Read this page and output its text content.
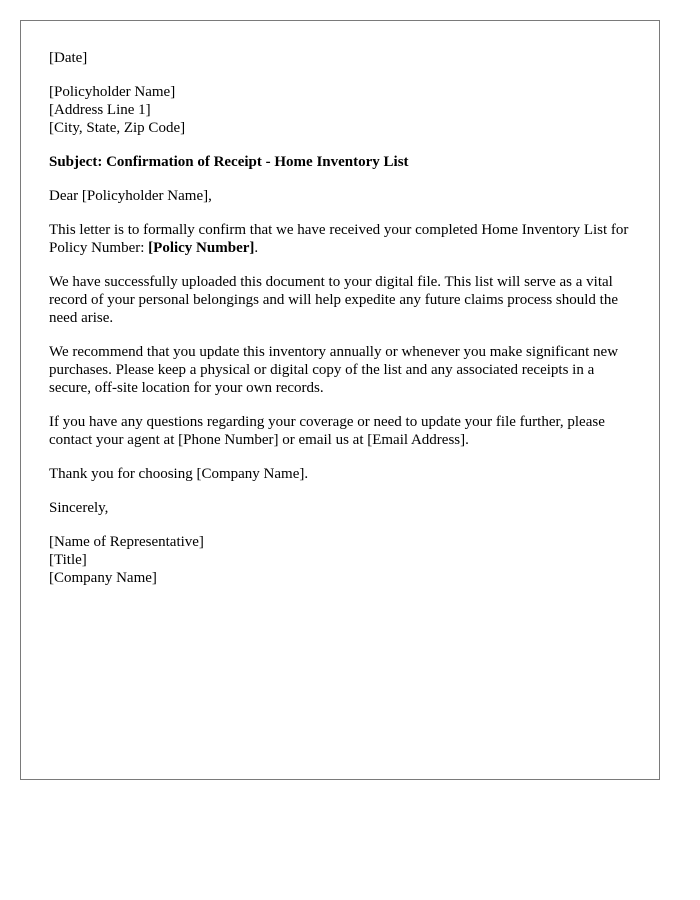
[Date]
[Policyholder Name]
[Address Line 1]
[City, State, Zip Code]
Subject: Confirmation of Receipt - Home Inventory List
Dear [Policyholder Name],
This letter is to formally confirm that we have received your completed Home Inventory List for Policy Number: [Policy Number].
We have successfully uploaded this document to your digital file. This list will serve as a vital record of your personal belongings and will help expedite any future claims process should the need arise.
We recommend that you update this inventory annually or whenever you make significant new purchases. Please keep a physical or digital copy of the list and any associated receipts in a secure, off-site location for your own records.
If you have any questions regarding your coverage or need to update your file further, please contact your agent at [Phone Number] or email us at [Email Address].
Thank you for choosing [Company Name].
Sincerely,
[Name of Representative]
[Title]
[Company Name]
